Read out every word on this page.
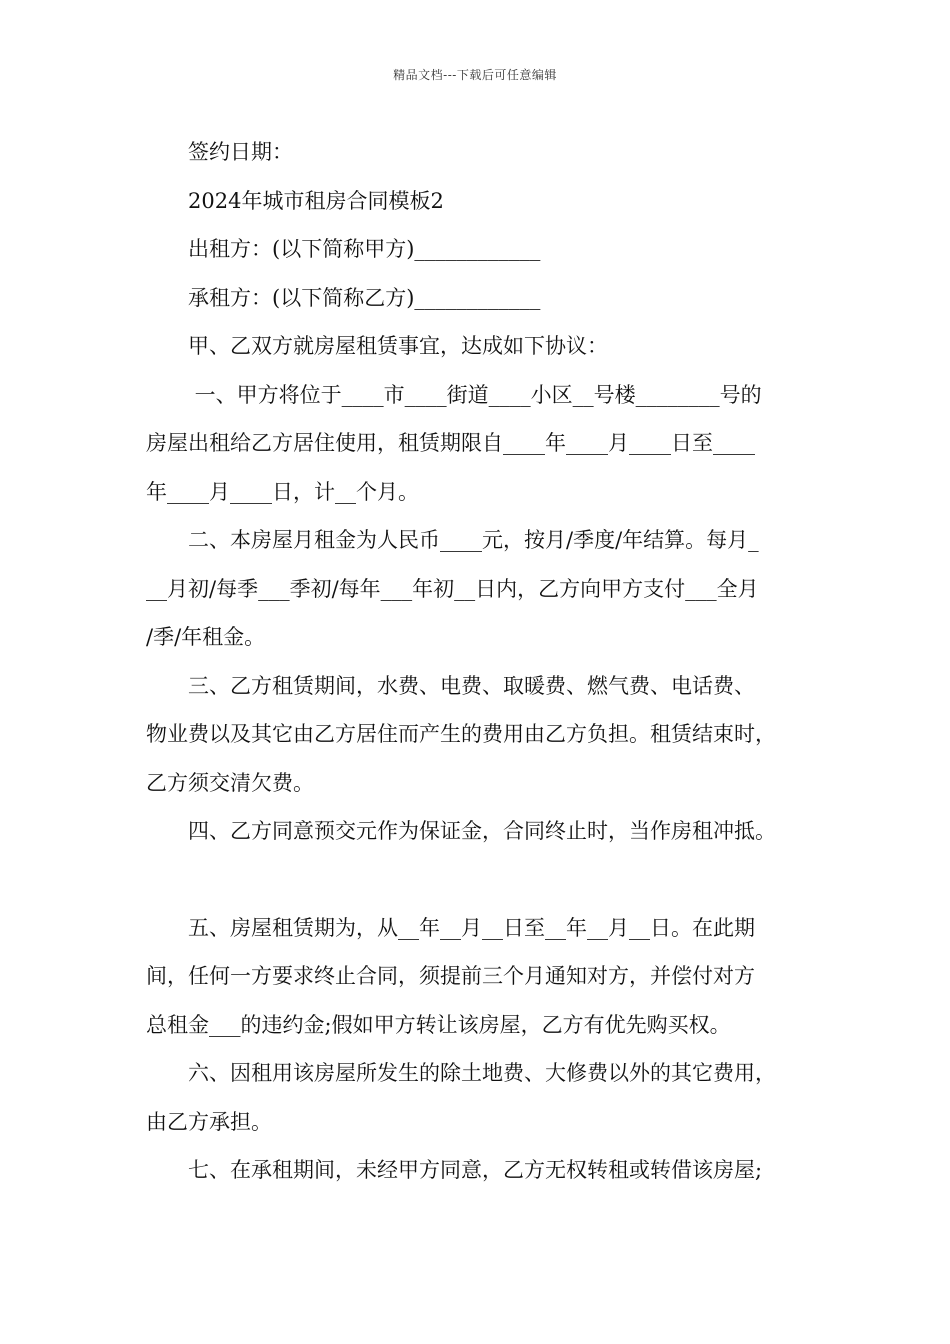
精品文档---下载后可任意编辑
签约日期：
2024年城市租房合同模板2
出租方：(以下简称甲方)____________
承租方：(以下简称乙方)____________
甲、乙双方就房屋租赁事宜，达成如下协议：
一、甲方将位于____市____街道____小区__号楼________号的
房屋出租给乙方居住使用，租赁期限自____年____月____日至____
年____月____日，计__个月。
二、本房屋月租金为人民币____元，按月/季度/年结算。每月_
__月初/每季___季初/每年___年初__日内，乙方向甲方支付___全月
/季/年租金。
三、乙方租赁期间，水费、电费、取暖费、燃气费、电话费、
物业费以及其它由乙方居住而产生的费用由乙方负担。租赁结束时，
乙方须交清欠费。
四、乙方同意预交元作为保证金，合同终止时，当作房租冲抵。
五、房屋租赁期为，从__年__月__日至__年__月__日。在此期
间，任何一方要求终止合同，须提前三个月通知对方，并偿付对方
总租金___的违约金;假如甲方转让该房屋，乙方有优先购买权。
六、因租用该房屋所发生的除土地费、大修费以外的其它费用，
由乙方承担。
七、在承租期间，未经甲方同意，乙方无权转租或转借该房屋;
